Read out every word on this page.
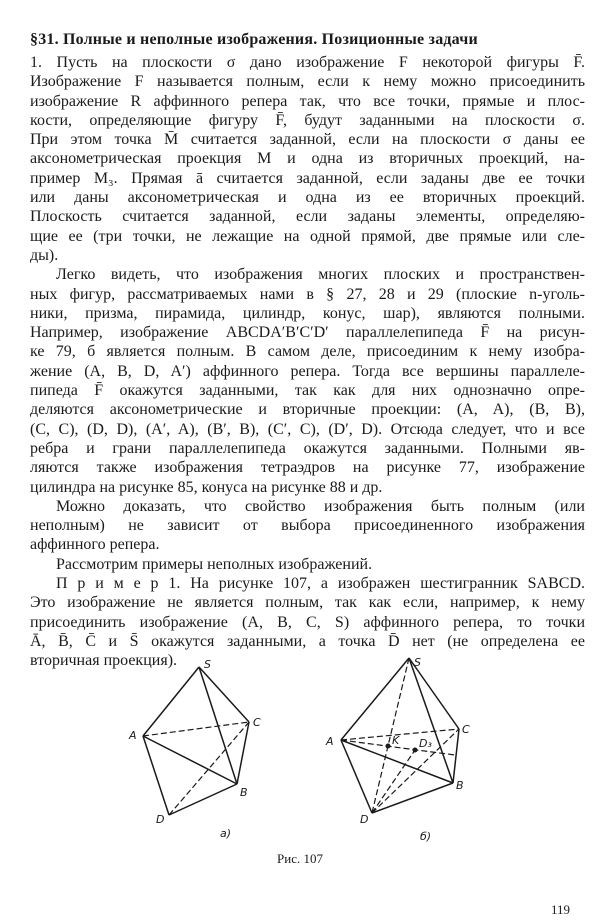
§31. Полные и неполные изображения. Позиционные задачи
1. Пусть на плоскости σ дано изображение F некоторой фигуры F̄.
Изображение F называется полным, если к нему можно присоединить
изображение R аффинного репера так, что все точки, прямые и плос-
кости, определяющие фигуру F̄, будут заданными на плоскости σ.
При этом точка M̄ считается заданной, если на плоскости σ даны ее
аксонометрическая проекция M и одна из вторичных проекций, на-
пример M₃. Прямая ā считается заданной, если заданы две ее точки
или даны аксонометрическая и одна из ее вторичных проекций.
Плоскость считается заданной, если заданы элементы, определяю-
щие ее (три точки, не лежащие на одной прямой, две прямые или сле-
ды).
Легко видеть, что изображения многих плоских и пространствен-
ных фигур, рассматриваемых нами в § 27, 28 и 29 (плоские n-уголь-
ники, призма, пирамида, цилиндр, конус, шар), являются полными.
Например, изображение ABCDA′B′C′D′ параллелепипеда F̄ на рисун-
ке 79, б является полным. В самом деле, присоединим к нему изобра-
жение (A, B, D, A′) аффинного репера. Тогда все вершины параллеле-
пипеда F̄ окажутся заданными, так как для них однозначно опре-
деляются аксонометрические и вторичные проекции: (A, A), (B, B),
(C, C), (D, D), (A′, A), (B′, B), (C′, C), (D′, D). Отсюда следует, что и все
ребра и грани параллелепипеда окажутся заданными. Полными яв-
ляются также изображения тетраэдров на рисунке 77, изображение
цилиндра на рисунке 85, конуса на рисунке 88 и др.
Можно доказать, что свойство изображения быть полным (или
неполным) не зависит от выбора присоединенного изображения
аффинного репера.
Рассмотрим примеры неполных изображений.
П р и м е р 1. На рисунке 107, а изображен шестигранник SABCD.
Это изображение не является полным, так как если, например, к нему
присоединить изображение (A, B, C, S) аффинного репера, то точки
Ā, B̄, C̄ и S̄ окажутся заданными, а точка D̄ нет (не определена ее
вторичная проекция). S
A
C
B
D
а)
S
A
C
B
D
K D₃
б)
Рис. 107
119
